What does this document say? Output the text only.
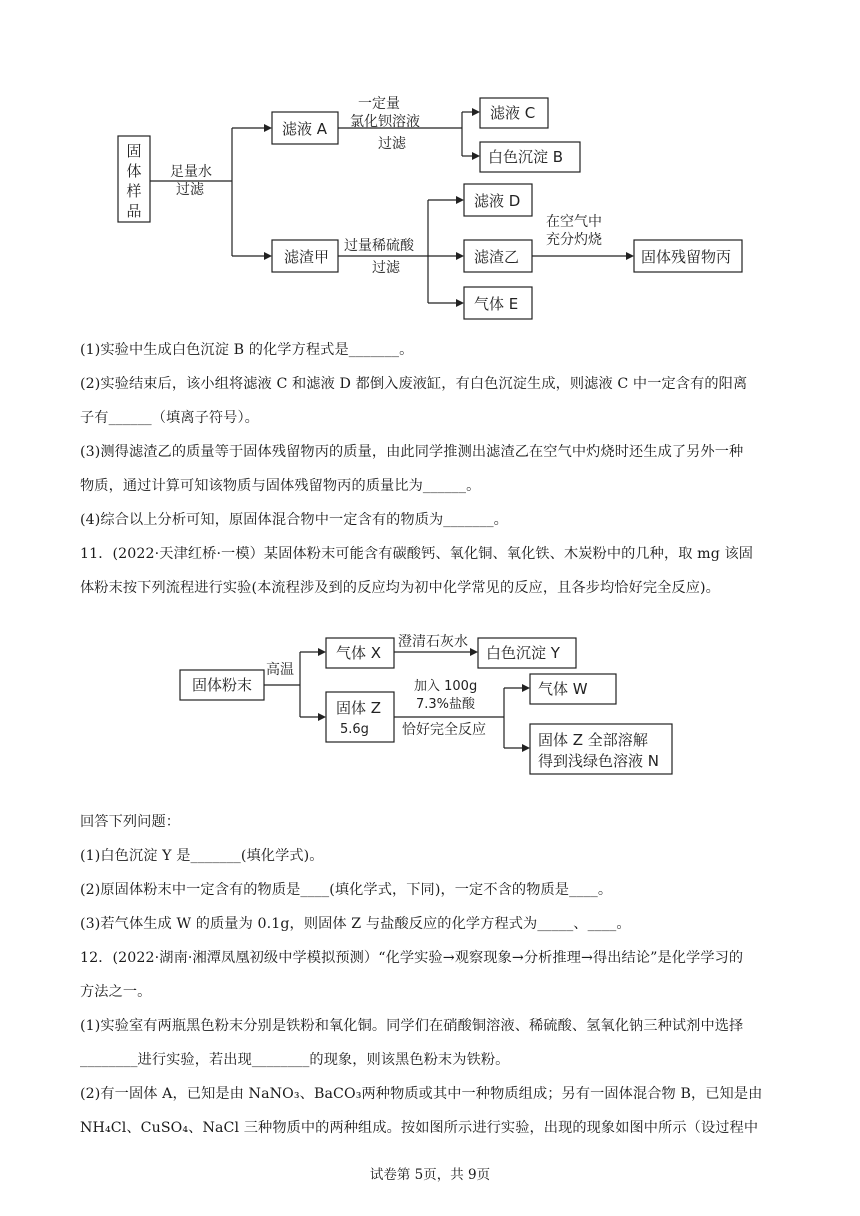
固
体
样
品
足量水
过滤
滤液 A
一定量
氯化钡溶液
过滤
滤液 C
白色沉淀 B
滤渣甲
过量稀硫酸
过滤
滤液 D
滤渣乙
气体 E
在空气中
充分灼烧
固体残留物丙
(1)实验中生成白色沉淀 B 的化学方程式是_______。
(2)实验结束后，该小组将滤液 C 和滤液 D 都倒入废液缸，有白色沉淀生成，则滤液 C 中一定含有的阳离
子有______（填离子符号）。
(3)测得滤渣乙的质量等于固体残留物丙的质量，由此同学推测出滤渣乙在空气中灼烧时还生成了另外一种
物质，通过计算可知该物质与固体残留物丙的质量比为______。
(4)综合以上分析可知，原固体混合物中一定含有的物质为_______。
11．(2022·天津红桥·一模）某固体粉末可能含有碳酸钙、氧化铜、氧化铁、木炭粉中的几种，取 mg 该固
体粉末按下列流程进行实验(本流程涉及到的反应均为初中化学常见的反应，且各步均恰好完全反应)。
固体粉末
高温
气体 X
澄清石灰水
白色沉淀 Y
固体 Z
5.6g
加入 100g
7.3%盐酸
恰好完全反应
气体 W
固体 Z 全部溶解
得到浅绿色溶液 N
回答下列问题：
(1)白色沉淀 Y 是_______(填化学式)。
(2)原固体粉末中一定含有的物质是____(填化学式，下同)，一定不含的物质是____。
(3)若气体生成 W 的质量为 0.1g，则固体 Z 与盐酸反应的化学方程式为_____、____。
12．(2022·湖南·湘潭凤凰初级中学模拟预测）“化学实验→观察现象→分析推理→得出结论”是化学学习的
方法之一。
(1)实验室有两瓶黑色粉末分别是铁粉和氧化铜。同学们在硝酸铜溶液、稀硫酸、氢氧化钠三种试剂中选择
________进行实验，若出现________的现象，则该黑色粉末为铁粉。
(2)有一固体 A，已知是由 NaNO₃、BaCO₃两种物质或其中一种物质组成；另有一固体混合物 B，已知是由
NH₄Cl、CuSO₄、NaCl 三种物质中的两种组成。按如图所示进行实验，出现的现象如图中所示（设过程中
试卷第 5页，共 9页
